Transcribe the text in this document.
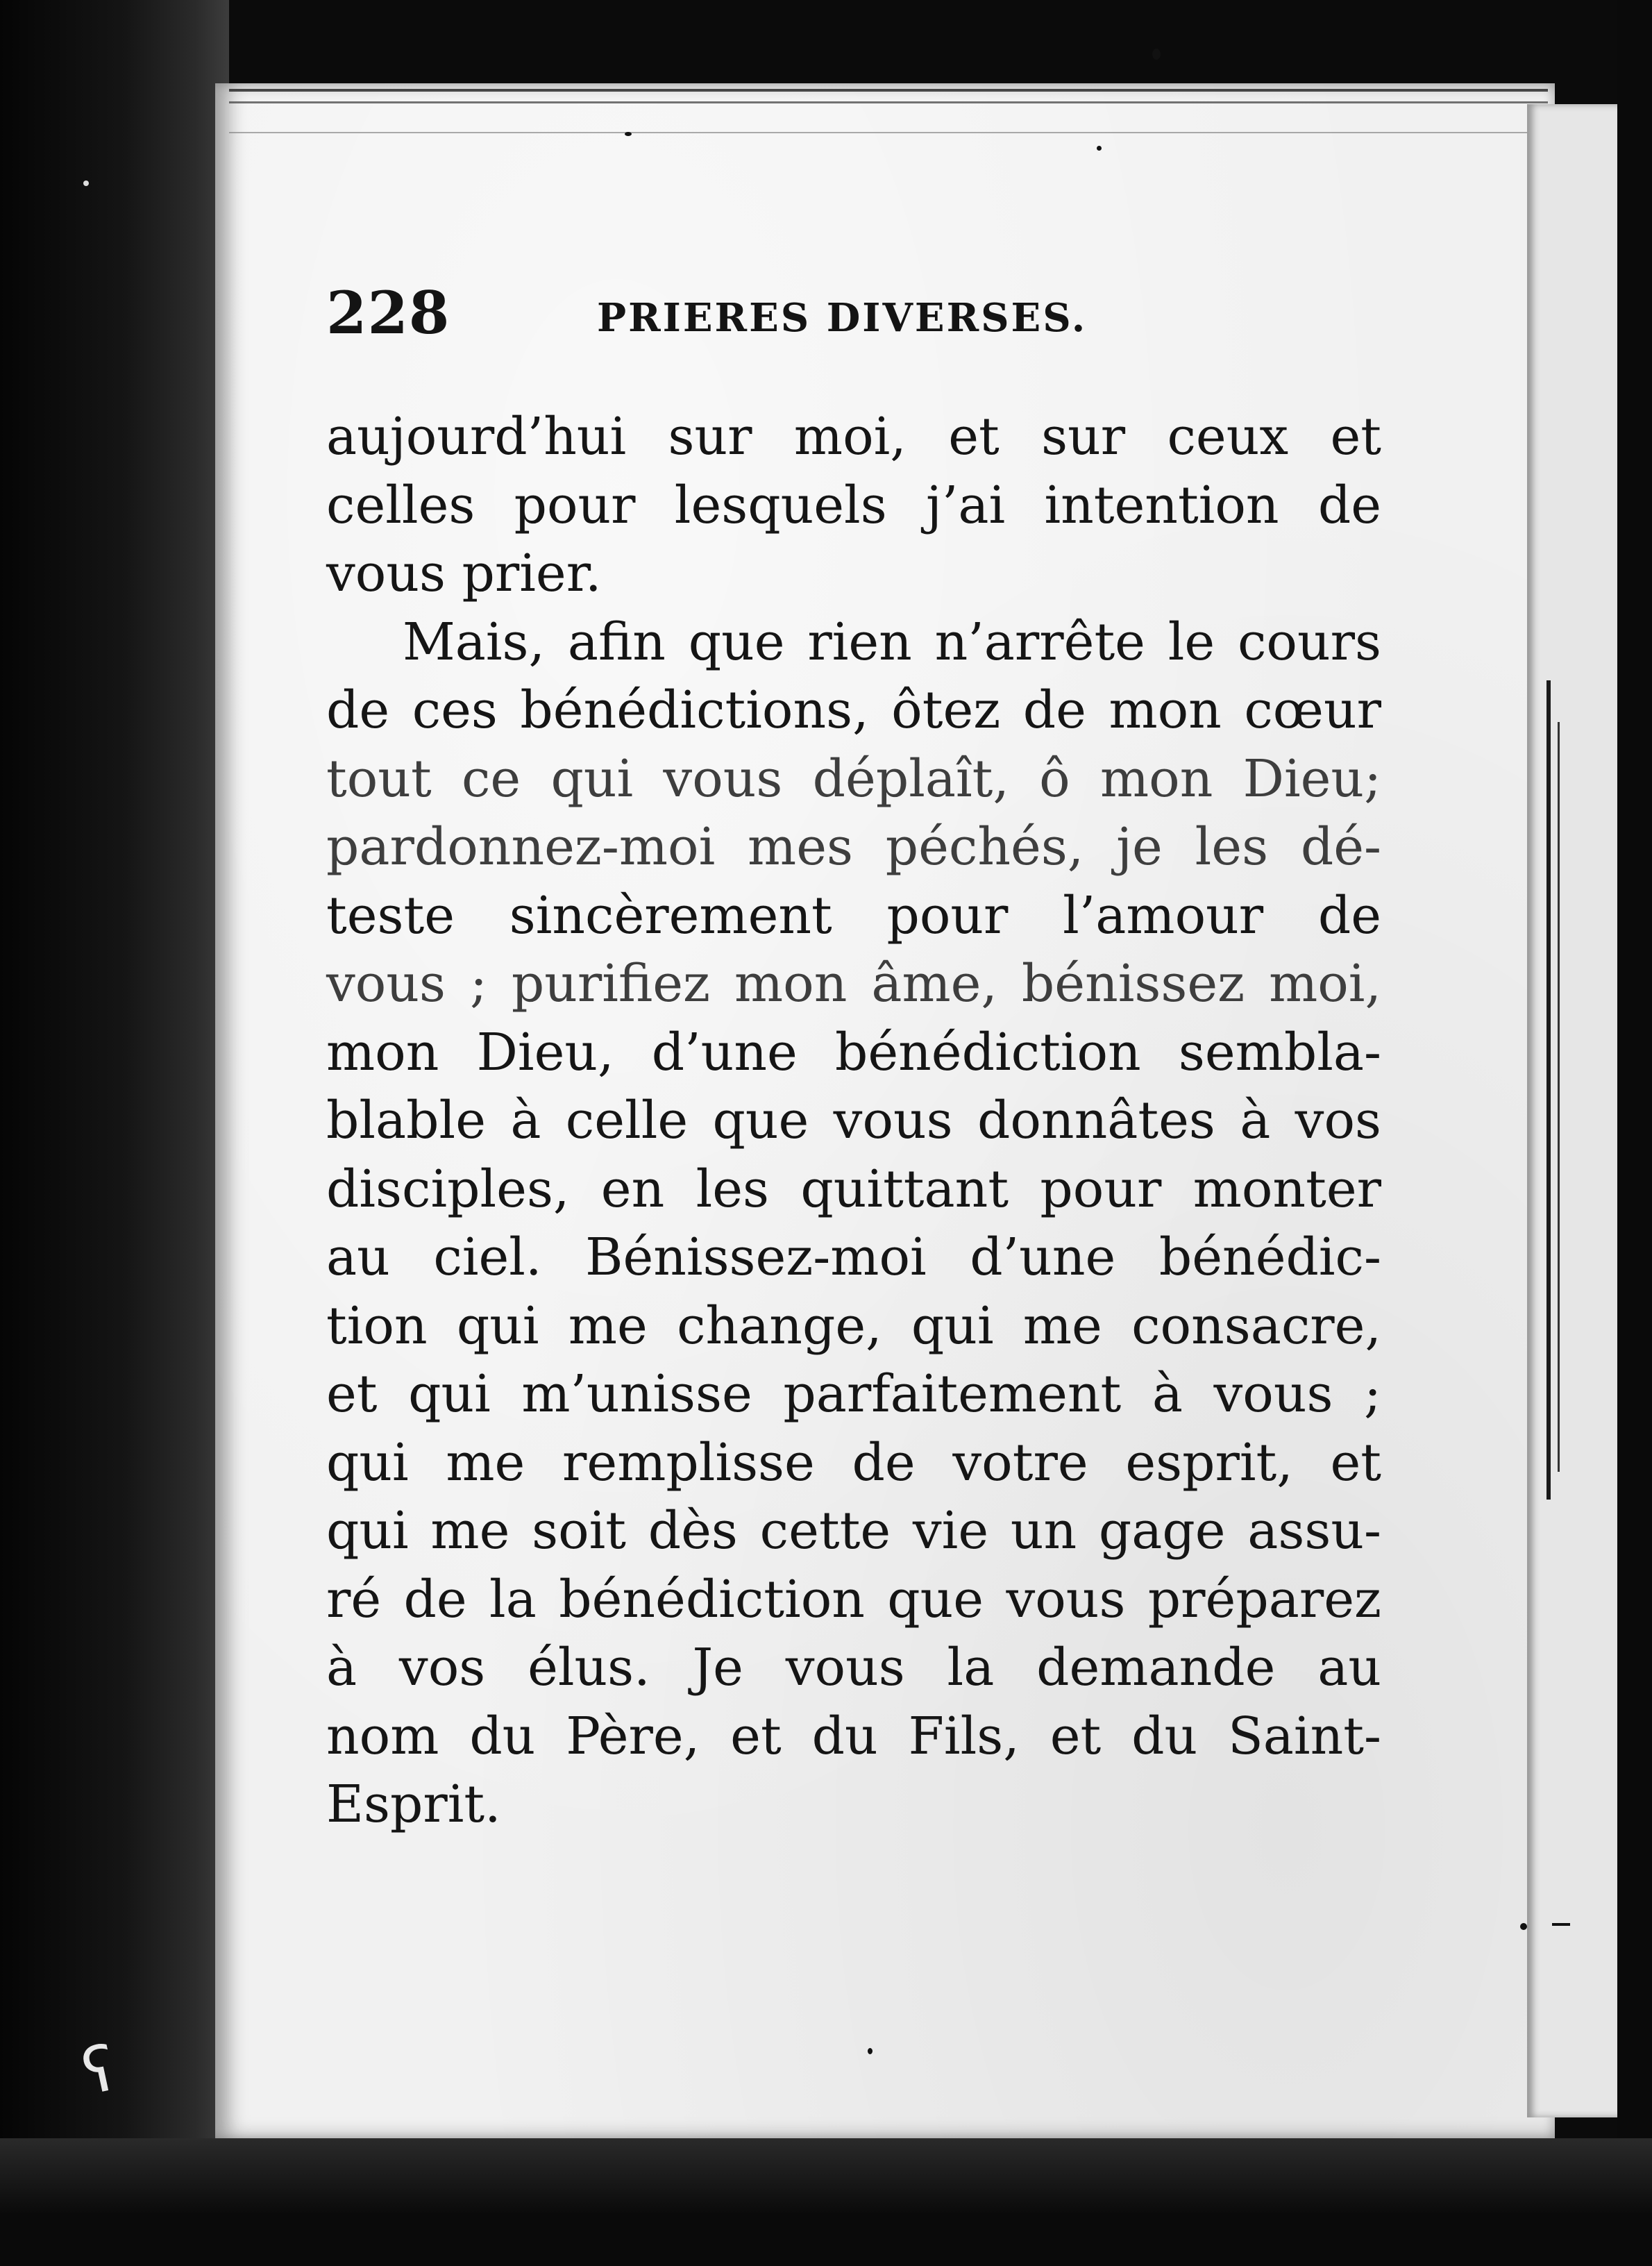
228	PRIERES DIVERSES.
aujourd’hui sur moi, et sur ceux et
celles pour lesquels j’ai intention de
vous prier.
Mais, afin que rien n’arrête le cours
de ces bénédictions, ôtez de mon cœur
tout ce qui vous déplaît, ô mon Dieu;
pardonnez-moi mes péchés, je les dé-
teste sincèrement pour l’amour de
vous ; purifiez mon âme, bénissez moi,
mon Dieu, d’une bénédiction sembla-
blable à celle que vous donnâtes à vos
disciples, en les quittant pour monter
au ciel. Bénissez-moi d’une bénédic-
tion qui me change, qui me consacre,
et qui m’unisse parfaitement à vous ;
qui me remplisse de votre esprit, et
qui me soit dès cette vie un gage assu-
ré de la bénédiction que vous préparez
à vos élus. Je vous la demande au
nom du Père, et du Fils, et du Saint-
Esprit.
ʕ
